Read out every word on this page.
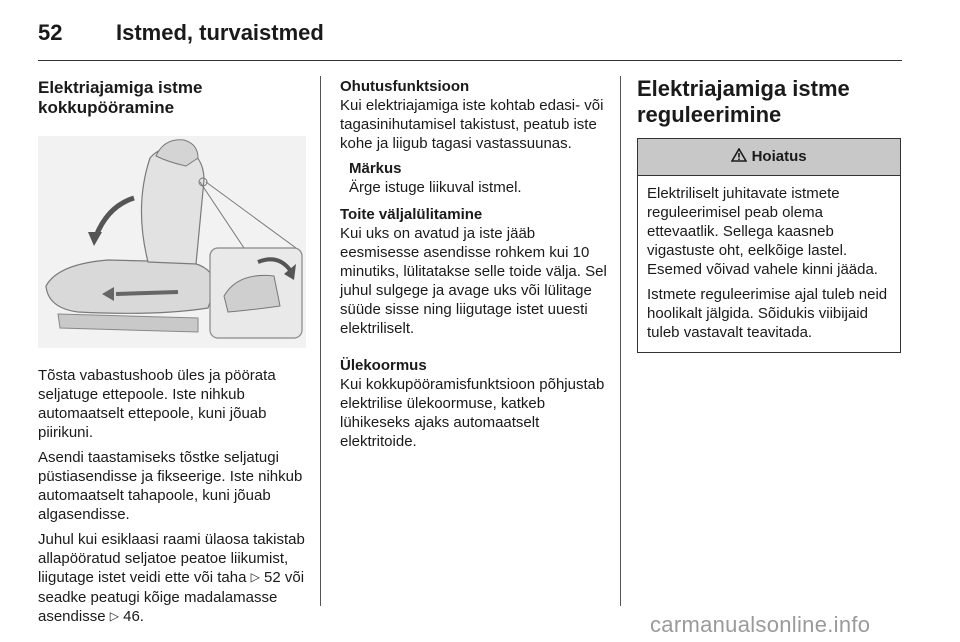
52 Istmed, turvaistmed
Elektriajamiga istme
kokkupööramine

Tõsta vabastushoob üles ja pöörata seljatuge ettepoole. Iste nihkub automaatselt ettepoole, kuni jõuab piirikuni.

Asendi taastamiseks tõstke seljatugi püstiasendisse ja fikseerige. Iste nihkub automaatselt tahapoole, kuni jõuab algasendisse.

Juhul kui esiklaasi raami ülaosa takistab allapööratud seljatoe peatoe liikumist, liigutage istet veidi ette või taha ▷ 52 või seadke peatugi kõige madalamasse asendisse ▷ 46.

Ohutusfunktsioon

Kui elektriajamiga iste kohtab edasi- või tagasinihutamisel takistust, peatub iste kohe ja liigub tagasi vastassuunas.

Märkus

Ärge istuge liikuval istmel.

Toite väljalülitamine

Kui uks on avatud ja iste jääb eesmisesse asendisse rohkem kui 10 minutiks, lülitatakse selle toide välja. Sel juhul sulgege ja avage uks või lülitage süüde sisse ning liigutage istet uuesti elektriliselt.

Ülekoormus

Kui kokkupööramisfunktsioon põhjustab elektrilise ülekoormuse, katkeb lühikeseks ajaks automaatselt elektritoide.

Elektriajamiga istme
reguleerimine
Hoiatus

Elektriliselt juhitavate istmete reguleerimisel peab olema ettevaatlik. Sellega kaasneb vigastuste oht, eelkõige lastel. Esemed võivad vahele kinni jääda.

Istmete reguleerimise ajal tuleb neid hoolikalt jälgida. Sõidukis viibijaid tuleb vastavalt teavitada.

carmanualsonline.info
